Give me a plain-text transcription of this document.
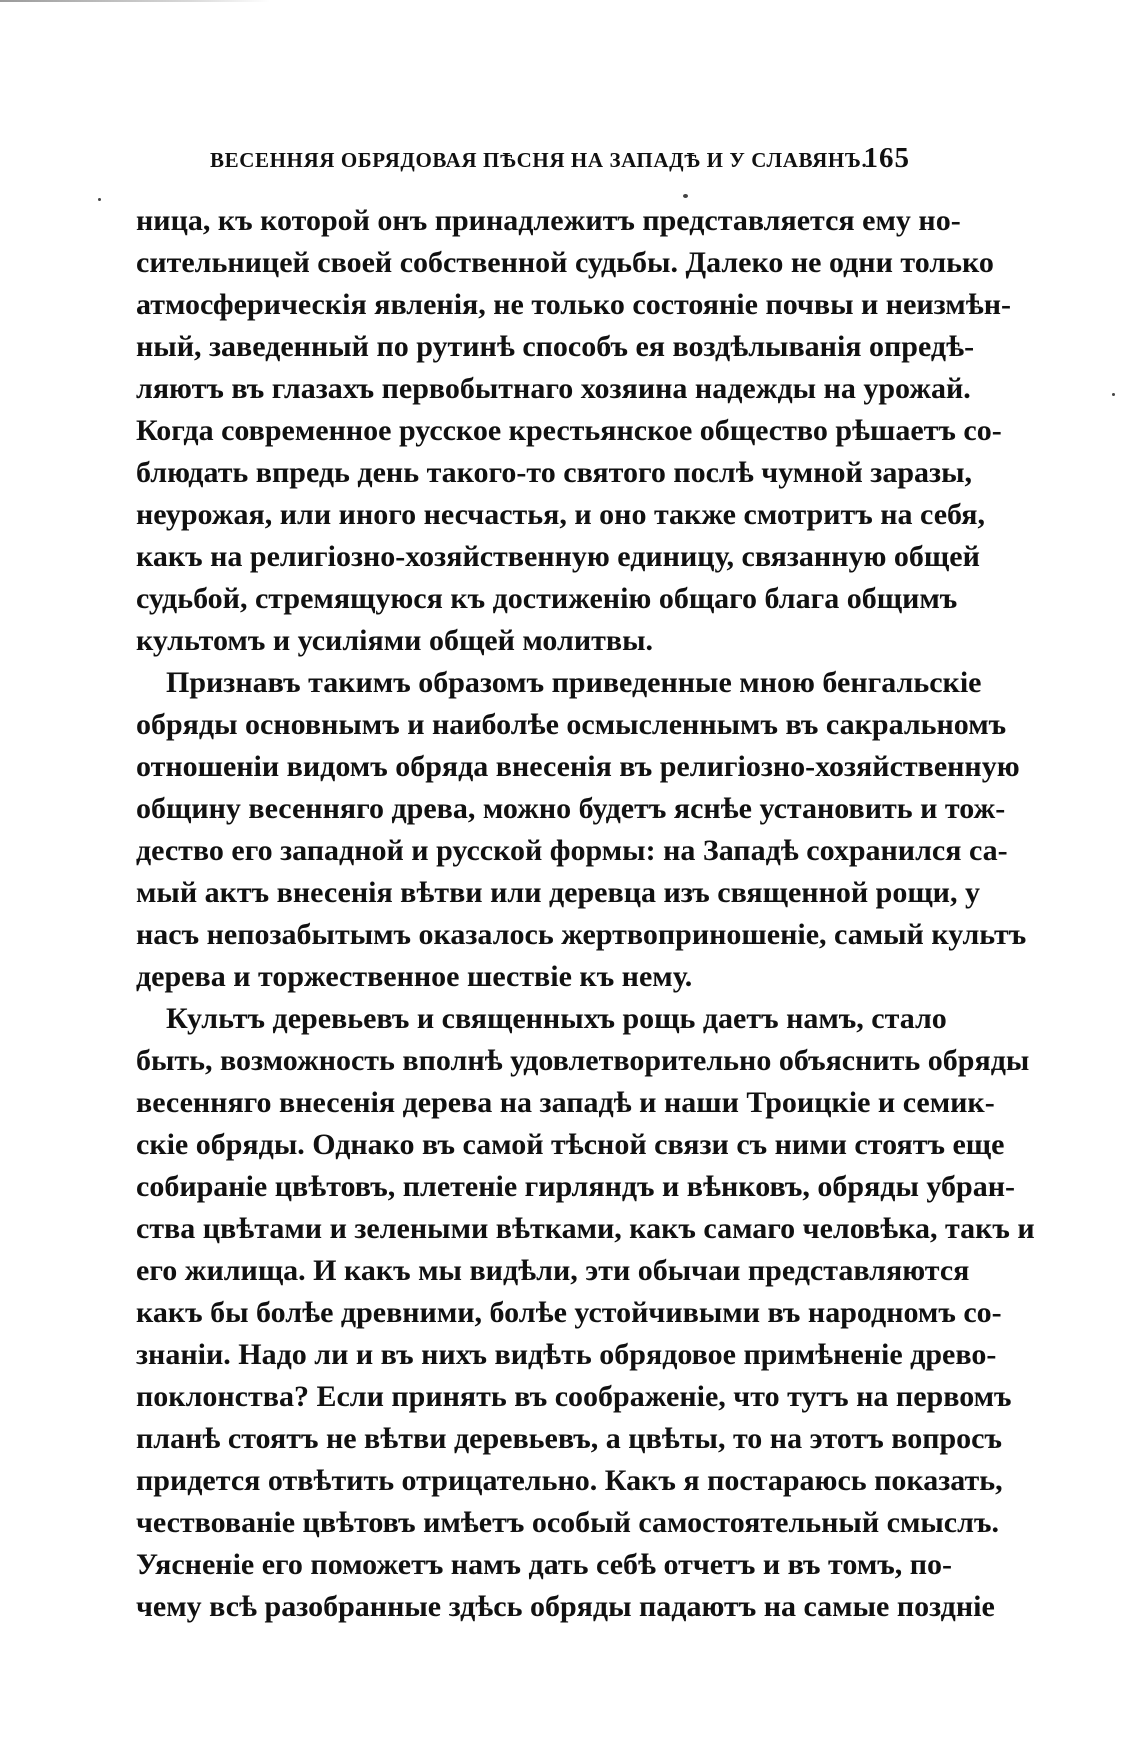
ВЕСЕННЯЯ ОБРЯДОВАЯ ПѢСНЯ НА ЗАПАДѢ И У СЛАВЯНЪ.
165
ница, къ которой онъ принадлежитъ представляется ему но-
сительницей своей собственной судьбы. Далеко не одни только
атмосферическія явленія, не только состояніе почвы и неизмѣн-
ный, заведенный по рутинѣ способъ ея воздѣлыванія опредѣ-
ляютъ въ глазахъ первобытнаго хозяина надежды на урожай.
Когда современное русское крестьянское общество рѣшаетъ со-
блюдать впредь день такого-то святого послѣ чумной заразы,
неурожая, или иного несчастья, и оно также смотритъ на себя,
какъ на религіозно-хозяйственную единицу, связанную общей
судьбой, стремящуюся къ достиженію общаго блага общимъ
культомъ и усиліями общей молитвы.
Признавъ такимъ образомъ приведенные мною бенгальскіе
обряды основнымъ и наиболѣе осмысленнымъ въ сакральномъ
отношеніи видомъ обряда внесенія въ религіозно-хозяйственную
общину весенняго древа, можно будетъ яснѣе установить и тож-
дество его западной и русской формы: на Западѣ сохранился са-
мый актъ внесенія вѣтви или деревца изъ священной рощи, у
насъ непозабытымъ оказалось жертвоприношеніе, самый культъ
дерева и торжественное шествіе къ нему.
Культъ деревьевъ и священныхъ рощь даетъ намъ, стало
быть, возможность вполнѣ удовлетворительно объяснить обряды
весенняго внесенія дерева на западѣ и наши Троицкіе и семик-
скіе обряды. Однако въ самой тѣсной связи съ ними стоятъ еще
собираніе цвѣтовъ, плетеніе гирляндъ и вѣнковъ, обряды убран-
ства цвѣтами и зелеными вѣтками, какъ самаго человѣка, такъ и
его жилища. И какъ мы видѣли, эти обычаи представляются
какъ бы болѣе древними, болѣе устойчивыми въ народномъ со-
знаніи. Надо ли и въ нихъ видѣть обрядовое примѣненіе древо-
поклонства? Если принять въ соображеніе, что тутъ на первомъ
планѣ стоятъ не вѣтви деревьевъ, а цвѣты, то на этотъ вопросъ
придется отвѣтить отрицательно. Какъ я постараюсь показать,
чествованіе цвѣтовъ имѣетъ особый самостоятельный смыслъ.
Уясненіе его поможетъ намъ дать себѣ отчетъ и въ томъ, по-
чему всѣ разобранные здѣсь обряды падаютъ на самые поздніе
